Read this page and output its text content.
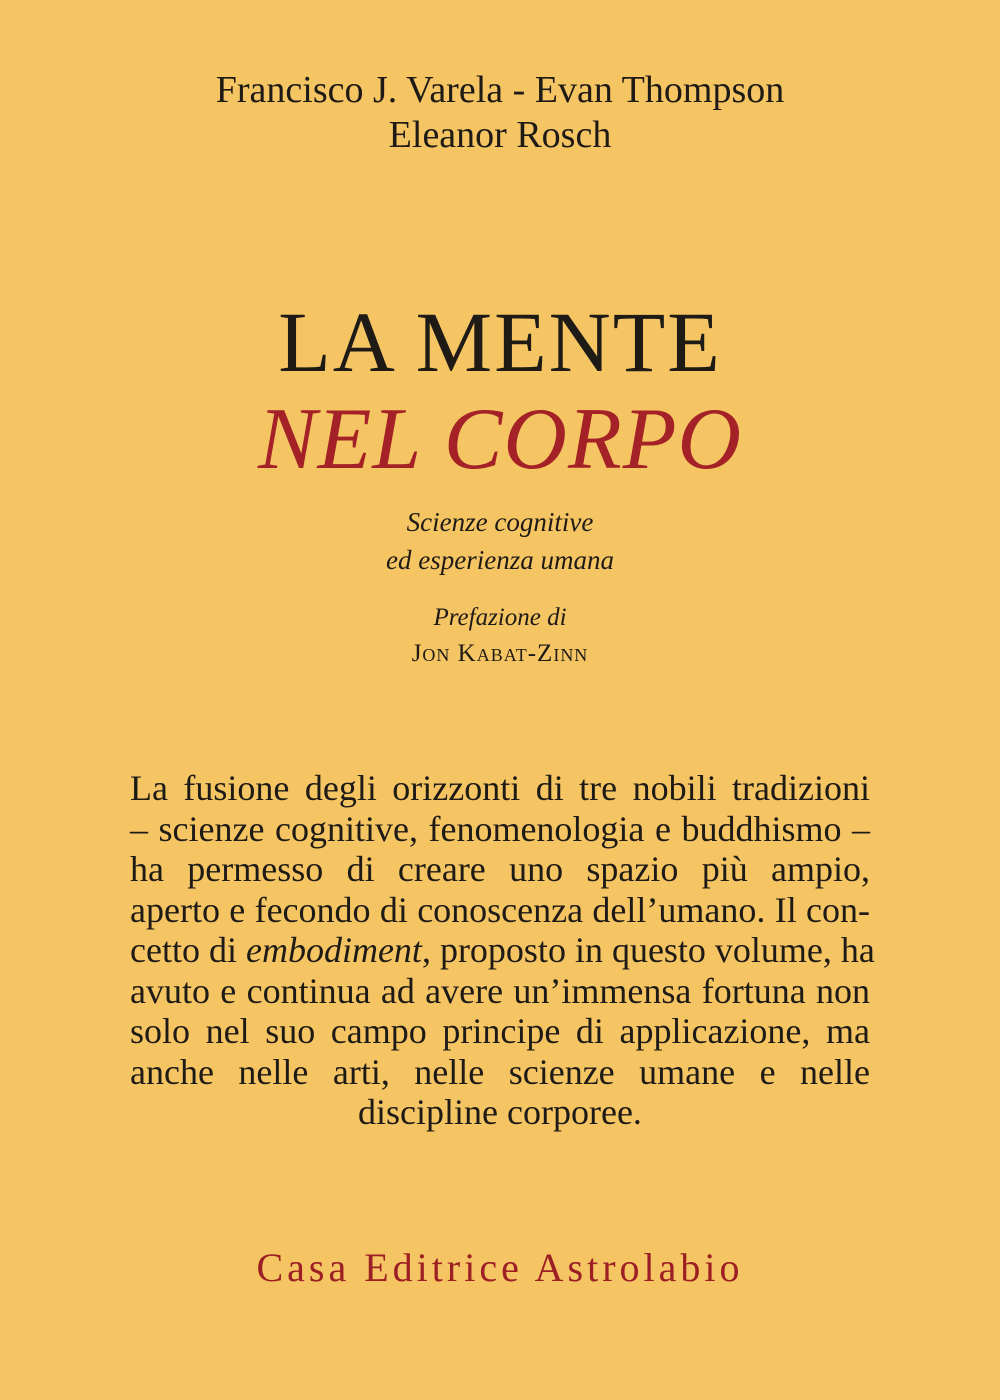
Francisco J. Varela - Evan Thompson
Eleanor Rosch
LA MENTE
NEL CORPO
Scienze cognitive
ed esperienza umana
Prefazione di
Jon Kabat-Zinn
La fusione degli orizzonti di tre nobili tradizioni
– scienze cognitive, fenomenologia e buddhismo –
ha permesso di creare uno spazio più ampio,
aperto e fecondo di conoscenza dell’umano. Il con-
cetto di embodiment, proposto in questo volume, ha
avuto e continua ad avere un’immensa fortuna non
solo nel suo campo principe di applicazione, ma
anche nelle arti, nelle scienze umane e nelle
discipline corporee.
Casa Editrice Astrolabio
